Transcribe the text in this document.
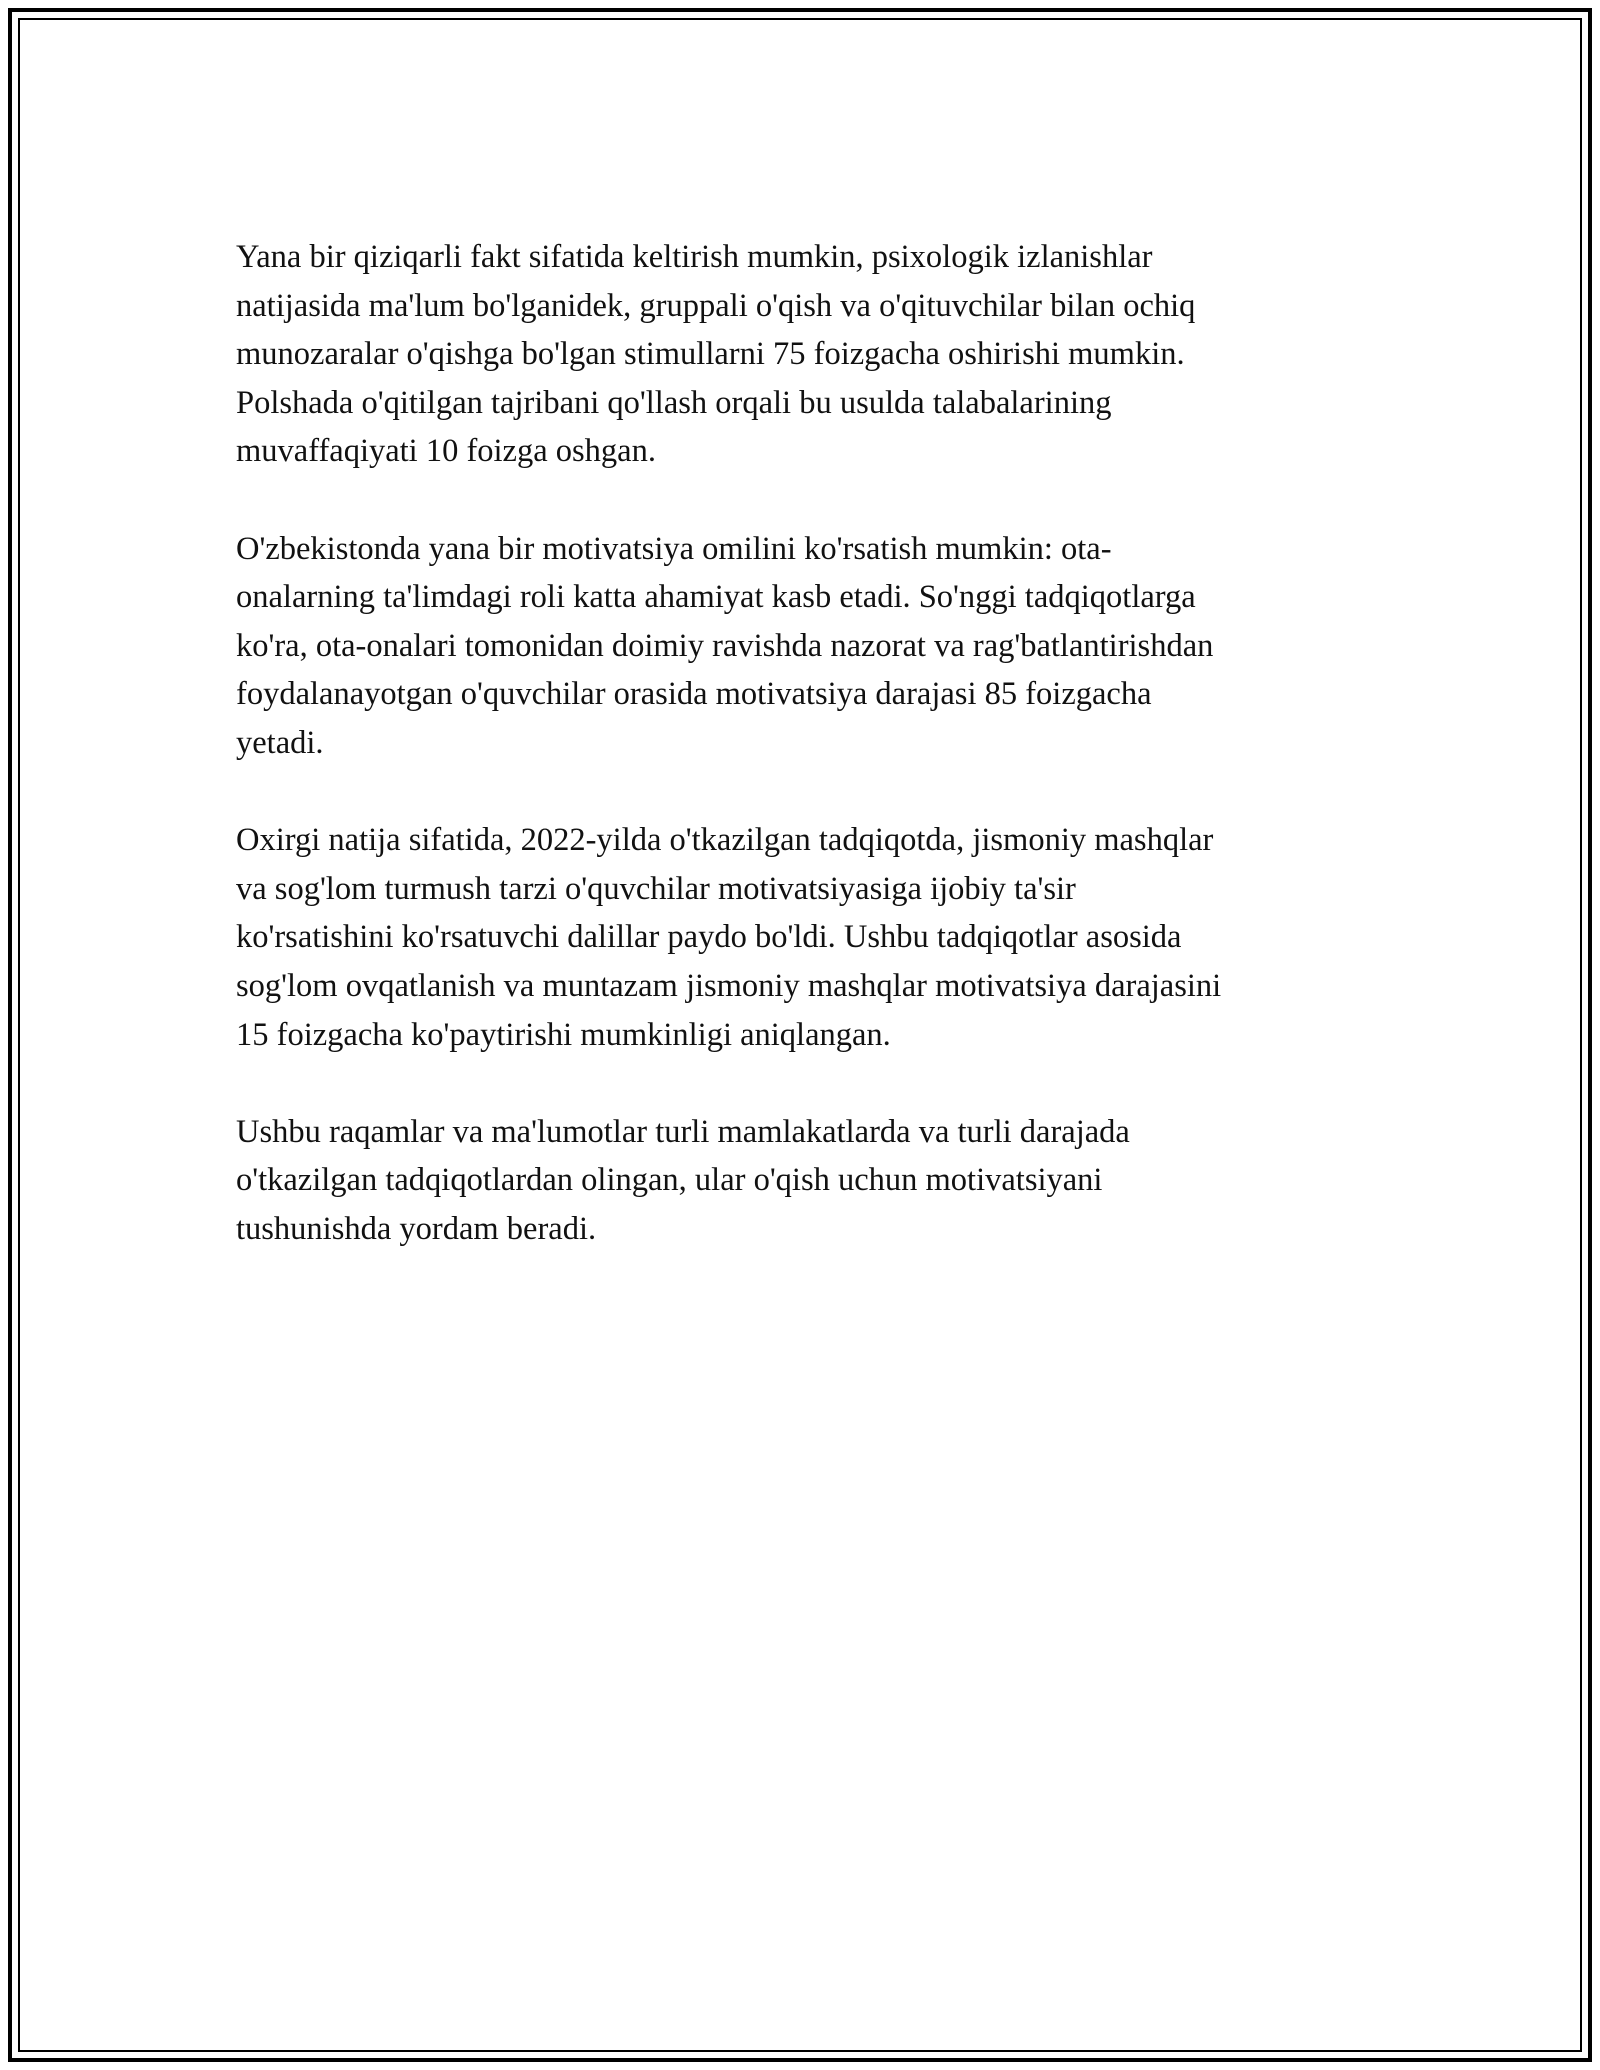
Yana bir qiziqarli fakt sifatida keltirish mumkin, psixologik izlanishlar
natijasida ma'lum bo'lganidek, gruppali o'qish va o'qituvchilar bilan ochiq
munozaralar o'qishga bo'lgan stimullarni 75 foizgacha oshirishi mumkin.
Polshada o'qitilgan tajribani qo'llash orqali bu usulda talabalarining
muvaffaqiyati 10 foizga oshgan.

O'zbekistonda yana bir motivatsiya omilini ko'rsatish mumkin: ota-
onalarning ta'limdagi roli katta ahamiyat kasb etadi. So'nggi tadqiqotlarga
ko'ra, ota-onalari tomonidan doimiy ravishda nazorat va rag'batlantirishdan
foydalanayotgan o'quvchilar orasida motivatsiya darajasi 85 foizgacha
yetadi.

Oxirgi natija sifatida, 2022-yilda o'tkazilgan tadqiqotda, jismoniy mashqlar
va sog'lom turmush tarzi o'quvchilar motivatsiyasiga ijobiy ta'sir
ko'rsatishini ko'rsatuvchi dalillar paydo bo'ldi. Ushbu tadqiqotlar asosida
sog'lom ovqatlanish va muntazam jismoniy mashqlar motivatsiya darajasini
15 foizgacha ko'paytirishi mumkinligi aniqlangan.

Ushbu raqamlar va ma'lumotlar turli mamlakatlarda va turli darajada
o'tkazilgan tadqiqotlardan olingan, ular o'qish uchun motivatsiyani
tushunishda yordam beradi.
